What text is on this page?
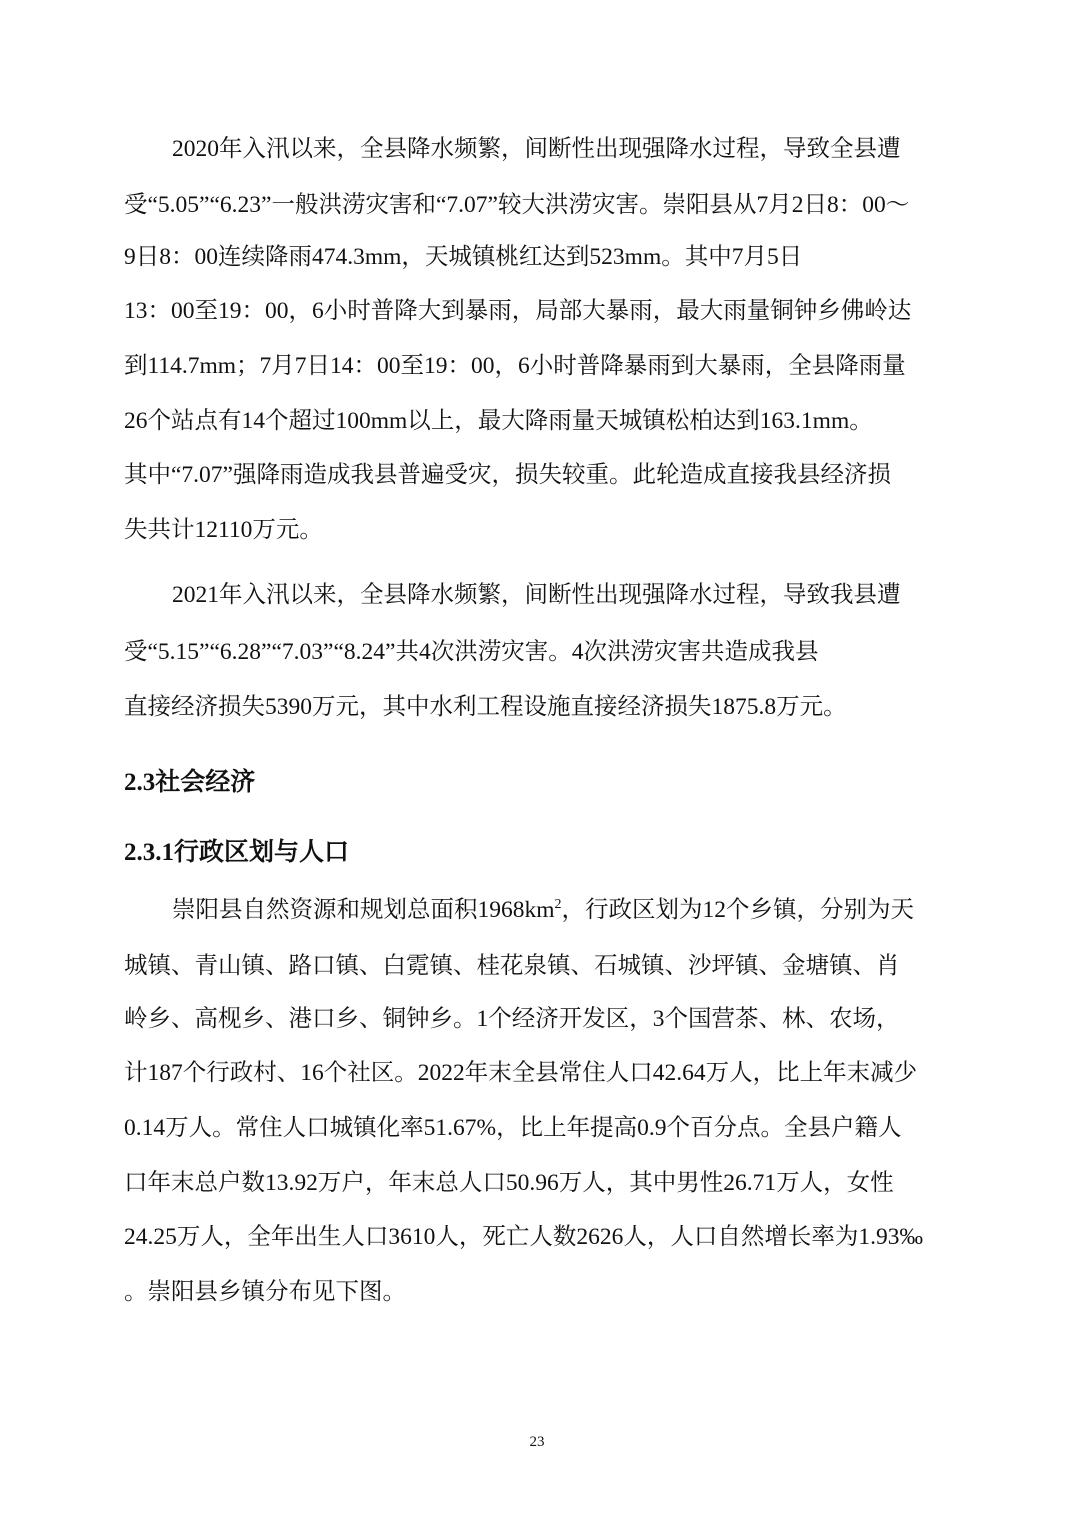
2020年入汛以来，全县降水频繁，间断性出现强降水过程，导致全县遭
受“5.05”“6.23”一般洪涝灾害和“7.07”较大洪涝灾害。崇阳县从7月2日8：00～
9日8：00连续降雨474.3mm，天城镇桃红达到523mm。其中7月5日
13：00至19：00，6小时普降大到暴雨，局部大暴雨，最大雨量铜钟乡佛岭达
到114.7mm；7月7日14：00至19：00，6小时普降暴雨到大暴雨，全县降雨量
26个站点有14个超过100mm以上，最大降雨量天城镇松柏达到163.1mm。
其中“7.07”强降雨造成我县普遍受灾，损失较重。此轮造成直接我县经济损
失共计12110万元。
2021年入汛以来，全县降水频繁，间断性出现强降水过程，导致我县遭
受“5.15”“6.28”“7.03”“8.24”共4次洪涝灾害。4次洪涝灾害共造成我县
直接经济损失5390万元，其中水利工程设施直接经济损失1875.8万元。
2.3社会经济
2.3.1行政区划与人口
崇阳县自然资源和规划总面积$1968km^2$，行政区划为12个乡镇，分别为天
城镇、青山镇、路口镇、白霓镇、桂花泉镇、石城镇、沙坪镇、金塘镇、肖
岭乡、高枧乡、港口乡、铜钟乡。1个经济开发区，3个国营茶、林、农场，
计187个行政村、16个社区。2022年末全县常住人口42.64万人，比上年末减少
0.14万人。常住人口城镇化率51.67%，比上年提高0.9个百分点。全县户籍人
口年末总户数13.92万户，年末总人口50.96万人，其中男性26.71万人，女性
24.25万人，全年出生人口3610人，死亡人数2626人，人口自然增长率为1.93‰
。崇阳县乡镇分布见下图。
23
